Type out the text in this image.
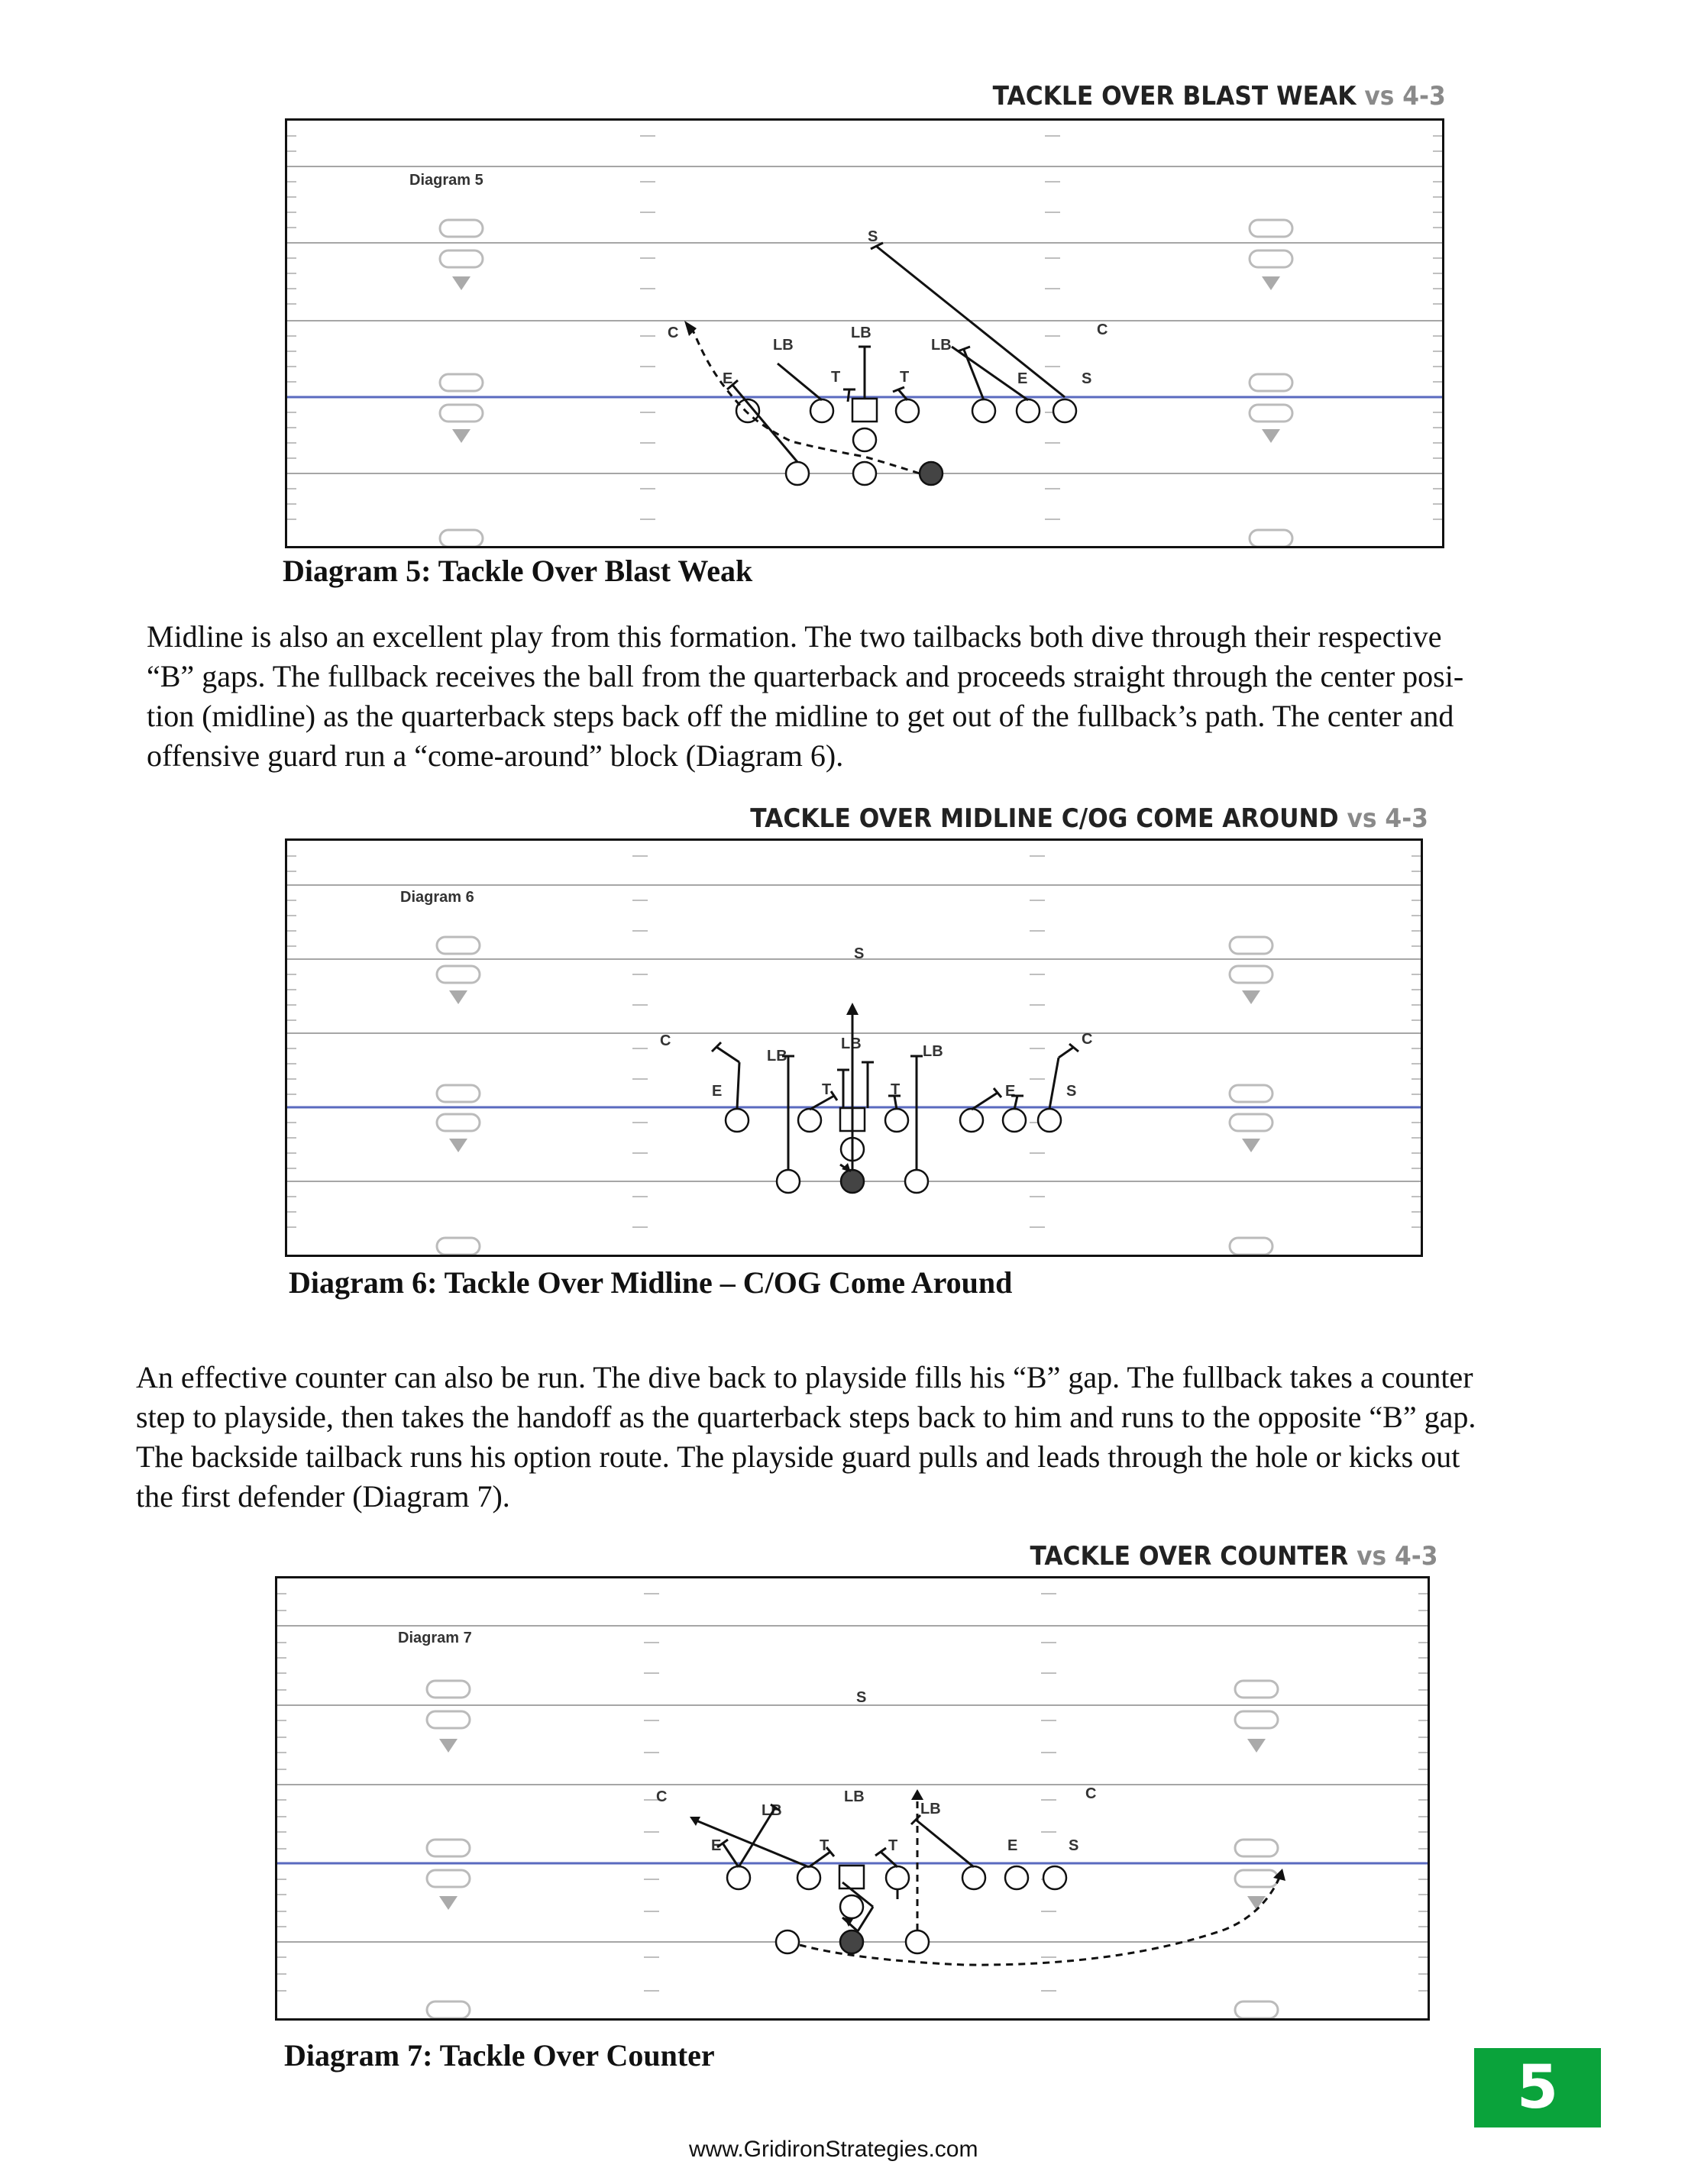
TACKLE OVER BLAST WEAK vs 4-3
Diagram 5
S
C
LB
LB
LB
C
E	T	T	E	S
Diagram 5: Tackle Over Blast Weak
Midline is also an excellent play from this formation. The two tailbacks both dive through their respective
“B” gaps. The fullback receives the ball from the quarterback and proceeds straight through the center posi-
tion (midline) as the quarterback steps back off the midline to get out of the fullback’s path. The center and
offensive guard run a “come-around” block (Diagram 6).
TACKLE OVER MIDLINE C/OG COME AROUND vs 4-3
Diagram 6
S
C
LB
LB	LB
C
E	T	T	E	S
Diagram 6: Tackle Over Midline – C/OG Come Around
An effective counter can also be run. The dive back to playside fills his “B” gap. The fullback takes a counter
step to playside, then takes the handoff as the quarterback steps back to him and runs to the opposite “B” gap.
The backside tailback runs his option route. The playside guard pulls and leads through the hole or kicks out
the first defender (Diagram 7).
TACKLE OVER COUNTER vs 4-3
Diagram 7
S
C
LB
LB
LB
C
E	T	T	E	S
Diagram 7: Tackle Over Counter	5
www.GridironStrategies.com
